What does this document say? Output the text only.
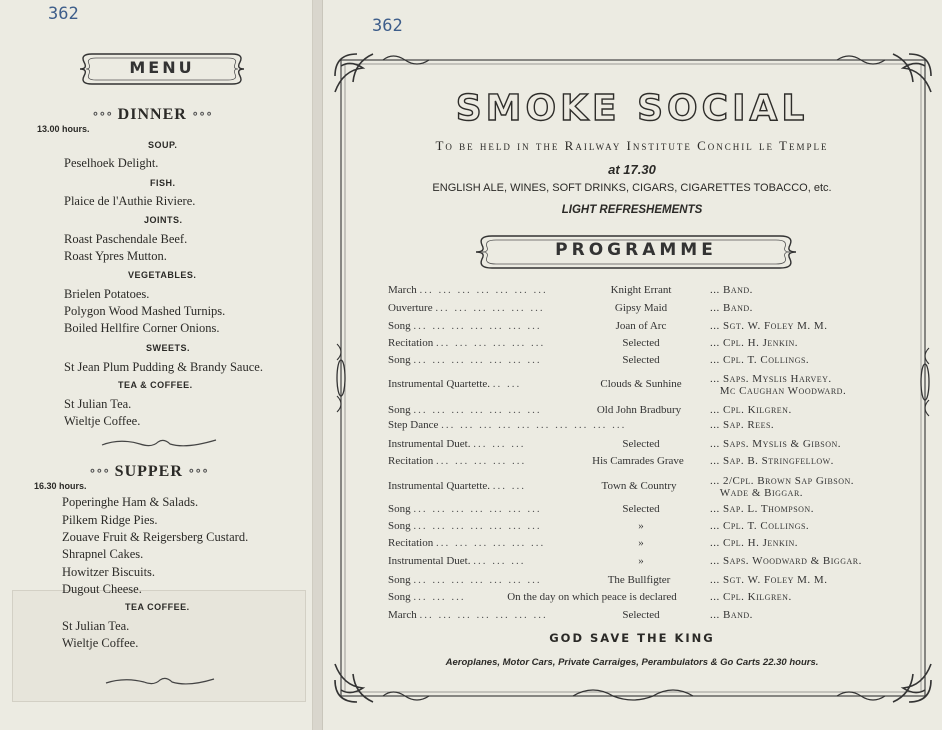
362
MENU
∘∘∘ DINNER ∘∘∘
13.00 hours.
SOUP.
Peselhoek Delight.
FISH.
Plaice de l'Authie Riviere.
JOINTS.
Roast Paschendale Beef.
Roast Ypres Mutton.
VEGETABLES.
Brielen Potatoes.
Polygon Wood Mashed Turnips.
Boiled Hellfire Corner Onions.
SWEETS.
St Jean Plum Pudding & Brandy Sauce.
TEA & COFFEE.
St Julian Tea.
Wieltje Coffee.
∘∘∘ SUPPER ∘∘∘
16.30 hours.
Poperinghe Ham & Salads.
Pilkem Ridge Pies.
Zouave Fruit & Reigersberg Custard.
Shrapnel Cakes.
Howitzer Biscuits.
Dugout Cheese.
TEA COFFEE.
St Julian Tea.
Wieltje Coffee.
362
SMOKE SOCIAL
To be held in the Railway Institute Conchil le Temple
at 17.30
ENGLISH ALE, WINES, SOFT DRINKS, CIGARS, CIGARETTES TOBACCO, etc.
LIGHT REFRESHEMENTS
PROGRAMME
March ... ... ... ... ... ... ...	Knight Errant	... Band.
Ouverture ... ... ... ... ... ...	Gipsy Maid	... Band.
Song ... ... ... ... ... ... ...	Joan of Arc	... Sgt. W. Foley M. M.
Recitation ... ... ... ... ... ...	Selected	... Cpl. H. Jenkin.
Song ... ... ... ... ... ... ...	Selected	... Cpl. T. Collings.
Instrumental Quartette. .. ...	Clouds & Sunhine	... Saps. Myslis Harvey.
Mc Caughan Woodward.
Song ... ... ... ... ... ... ...	Old John Bradbury	... Cpl. Kilgren.
Step Dance ... ... ... ... ... ... ... ... ... ...	... Sap. Rees.
Instrumental Duet. ... ... ...	Selected	... Saps. Myslis & Gibson.
Recitation ... ... ... ... ...	His Camrades Grave ... Sap. B. Stringfellow.
Instrumental Quartette. ... ...	Town & Country	... 2/Cpl. Brown Sap Gibson.
Wade & Biggar.
Song ... ... ... ... ... ... ...	Selected	... Sap. L. Thompson.
Song ... ... ... ... ... ... ...	»	... Cpl. T. Collings.
Recitation ... ... ... ... ... ...	»	... Cpl. H. Jenkin.
Instrumental Duet. ... ... ...	»	... Saps. Woodward & Biggar.
Song ... ... ... ... ... ... ...	The Bullfigter	... Sgt. W. Foley M. M.
Song ... ... ...	On the day on which peace is declared	... Cpl. Kilgren.
March ... ... ... ... ... ... ...	Selected	... Band.
GOD SAVE THE KING
Aeroplanes, Motor Cars, Private Carraiges, Perambulators & Go Carts 22.30 hours.
